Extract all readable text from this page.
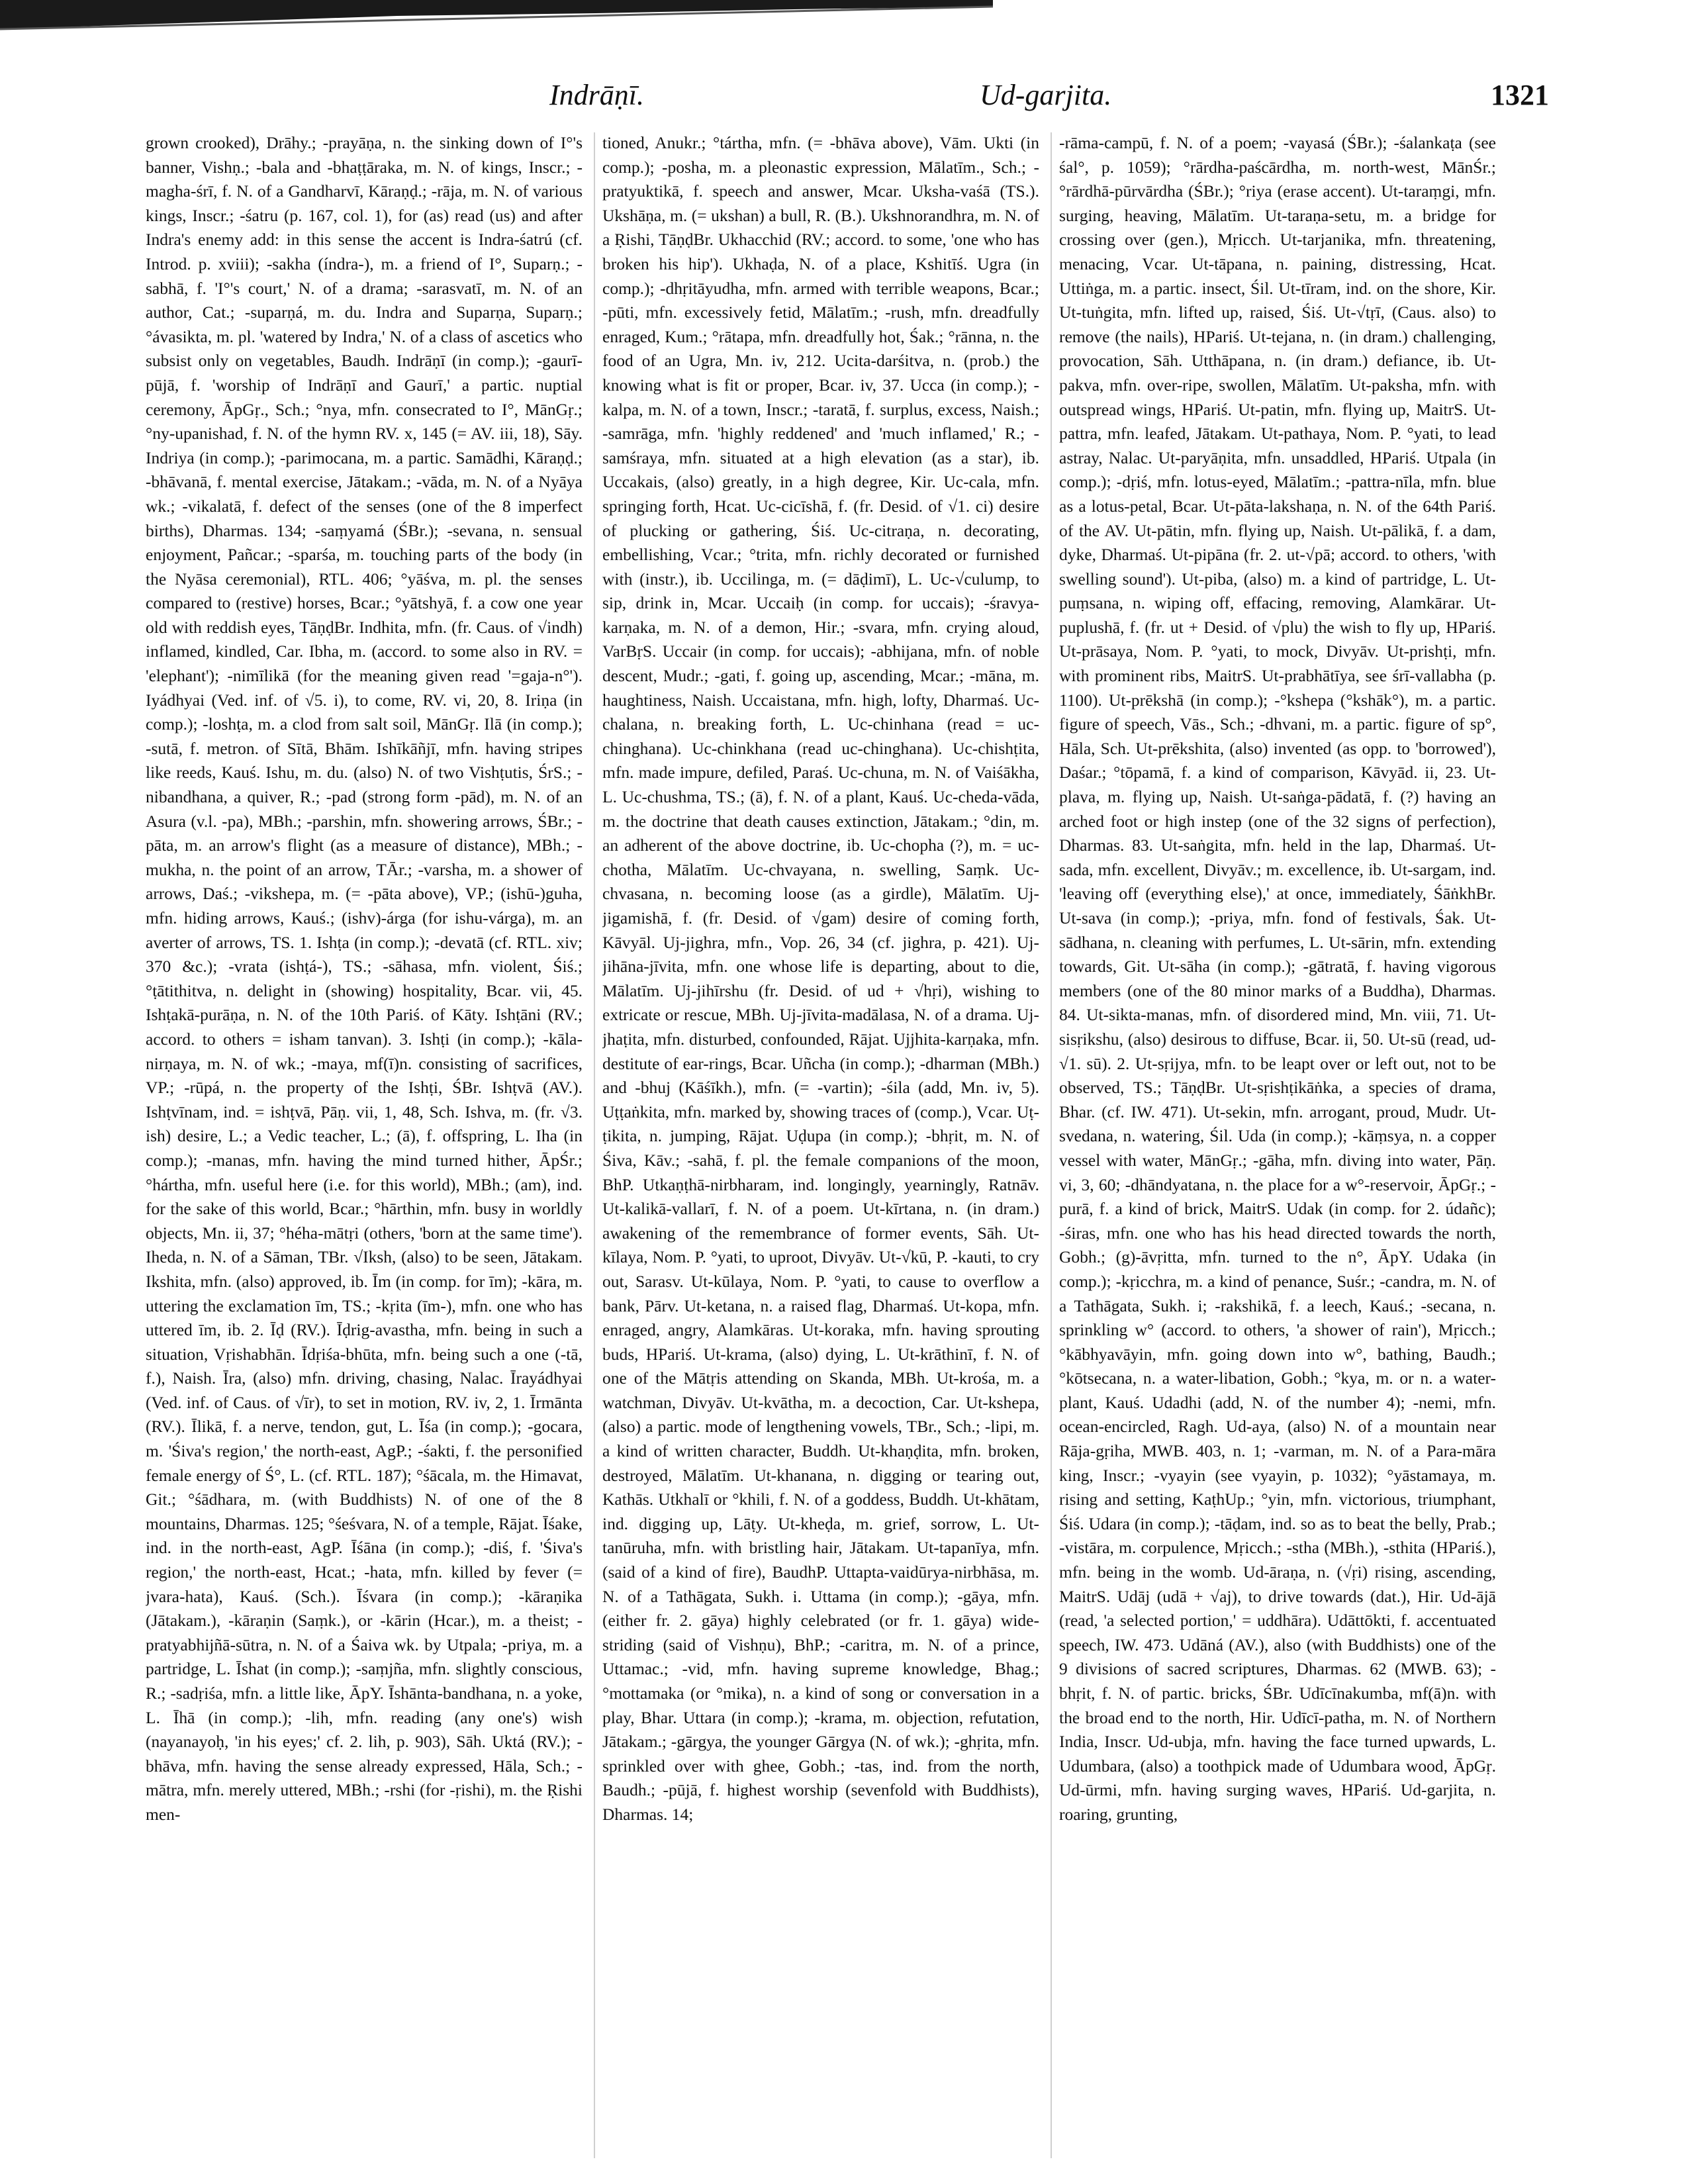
Indrāṇī.	Ud-garjita.	1321

grown crooked), Drāhy.; -prayāṇa, n. the sinking down of I°'s banner, Vishṇ.; -bala and -bhaṭṭāraka, m. N. of kings, Inscr.; -magha-śrī, f. N. of a Gandharvī, Kāraṇḍ.; -rāja, m. N. of various kings, Inscr.; -śatru (p. 167, col. 1), for (as) read (us) and after Indra's enemy add: in this sense the accent is Indra-śatrú (cf. Introd. p. xviii); -sakha (índra-), m. a friend of I°, Suparṇ.; -sabhā, f. 'I°'s court,' N. of a drama; -sarasvatī, m. N. of an author, Cat.; -suparṇá, m. du. Indra and Suparṇa, Suparṇ.; °ávasikta, m. pl. 'watered by Indra,' N. of a class of ascetics who subsist only on vegetables, Baudh. Indrāṇī (in comp.); -gaurī-pūjā, f. 'worship of Indrāṇī and Gaurī,' a partic. nuptial ceremony, ĀpGṛ., Sch.; °nya, mfn. consecrated to I°, MānGṛ.; °ny-upanishad, f. N. of the hymn RV. x, 145 (= AV. iii, 18), Sāy. Indriya (in comp.); -parimocana, m. a partic. Samādhi, Kāraṇḍ.; -bhāvanā, f. mental exercise, Jātakam.; -vāda, m. N. of a Nyāya wk.; -vikalatā, f. defect of the senses (one of the 8 imperfect births), Dharmas. 134; -saṃyamá (ŚBr.); -sevana, n. sensual enjoyment, Pañcar.; -sparśa, m. touching parts of the body (in the Nyāsa ceremonial), RTL. 406; °yāśva, m. pl. the senses compared to (restive) horses, Bcar.; °yātshyā, f. a cow one year old with reddish eyes, TāṇḍBr. Indhita, mfn. (fr. Caus. of √indh) inflamed, kindled, Car. Ibha, m. (accord. to some also in RV. = 'elephant'); -nimīlikā (for the meaning given read '=gaja-n°'). Iyádhyai (Ved. inf. of √5. i), to come, RV. vi, 20, 8. Iriṇa (in comp.); -loshṭa, m. a clod from salt soil, MānGṛ. Ilā (in comp.); -sutā, f. metron. of Sītā, Bhām. Ishīkāñjī, mfn. having stripes like reeds, Kauś. Ishu, m. du. (also) N. of two Vishṭutis, ŚrS.; -nibandhana, a quiver, R.; -pad (strong form -pād), m. N. of an Asura (v.l. -pa), MBh.; -parshin, mfn. showering arrows, ŚBr.; -pāta, m. an arrow's flight (as a measure of distance), MBh.; -mukha, n. the point of an arrow, TĀr.; -varsha, m. a shower of arrows, Daś.; -vikshepa, m. (= -pāta above), VP.; (ishū-)guha, mfn. hiding arrows, Kauś.; (ishv)-árga (for ishu-várga), m. an averter of arrows, TS. 1. Ishṭa (in comp.); -devatā (cf. RTL. xiv; 370 &c.); -vrata (ishṭá-), TS.; -sāhasa, mfn. violent, Śiś.; °ṭātithitva, n. delight in (showing) hospitality, Bcar. vii, 45. Ishṭakā-purāṇa, n. N. of the 10th Pariś. of Kāty. Ishṭāni (RV.; accord. to others = isham tanvan). 3. Ishṭi (in comp.); -kāla-nirṇaya, m. N. of wk.; -maya, mf(ī)n. consisting of sacrifices, VP.; -rūpá, n. the property of the Ishṭi, ŚBr. Ishṭvā (AV.). Ishṭvīnam, ind. = ishṭvā, Pāṇ. vii, 1, 48, Sch. Ishva, m. (fr. √3. ish) desire, L.; a Vedic teacher, L.; (ā), f. offspring, L. Iha (in comp.); -manas, mfn. having the mind turned hither, ĀpŚr.; °hártha, mfn. useful here (i.e. for this world), MBh.; (am), ind. for the sake of this world, Bcar.; °hārthin, mfn. busy in worldly objects, Mn. ii, 37; °héha-mātṛi (others, 'born at the same time'). Iheda, n. N. of a Sāman, TBr. √Iksh, (also) to be seen, Jātakam. Ikshita, mfn. (also) approved, ib. Īm (in comp. for īm); -kāra, m. uttering the exclamation īm, TS.; -kṛita (īm-), mfn. one who has uttered īm, ib. 2. Īḍ (RV.). Īḍrig-avastha, mfn. being in such a situation, Vṛishabhān. Īdṛiśa-bhūta, mfn. being such a one (-tā, f.), Naish. Īra, (also) mfn. driving, chasing, Nalac. Īrayádhyai (Ved. inf. of Caus. of √īr), to set in motion, RV. iv, 2, 1. Īrmānta (RV.). Īlikā, f. a nerve, tendon, gut, L. Īśa (in comp.); -gocara, m. 'Śiva's region,' the north-east, AgP.; -śakti, f. the personified female energy of Ś°, L. (cf. RTL. 187); °śācala, m. the Himavat, Git.; °śādhara, m. (with Buddhists) N. of one of the 8 mountains, Dharmas. 125; °śeśvara, N. of a temple, Rājat. Īśake, ind. in the north-east, AgP. Īśāna (in comp.); -diś, f. 'Śiva's region,' the north-east, Hcat.; -hata, mfn. killed by fever (= jvara-hata), Kauś. (Sch.). Īśvara (in comp.); -kāraṇika (Jātakam.), -kāraṇin (Saṃk.), or -kārin (Hcar.), m. a theist; -pratyabhijñā-sūtra, n. N. of a Śaiva wk. by Utpala; -priya, m. a partridge, L. Īshat (in comp.); -saṃjña, mfn. slightly conscious, R.; -sadṛiśa, mfn. a little like, ĀpY. Īshānta-bandhana, n. a yoke, L. Īhā (in comp.); -lih, mfn. reading (any one's) wish (nayanayoḥ, 'in his eyes;' cf. 2. lih, p. 903), Sāh. Uktá (RV.); -bhāva, mfn. having the sense already expressed, Hāla, Sch.; -mātra, mfn. merely uttered, MBh.; -rshi (for -ṛishi), m. the Ṛishi men-

tioned, Anukr.; °tártha, mfn. (= -bhāva above), Vām. Ukti (in comp.); -posha, m. a pleonastic expression, Mālatīm., Sch.; -pratyuktikā, f. speech and answer, Mcar. Uksha-vaśā (TS.). Ukshāṇa, m. (= ukshan) a bull, R. (B.). Ukshnorandhra, m. N. of a Ṛishi, TāṇḍBr. Ukhacchid (RV.; accord. to some, 'one who has broken his hip'). Ukhaḍa, N. of a place, Kshitīś. Ugra (in comp.); -dhṛitāyudha, mfn. armed with terrible weapons, Bcar.; -pūti, mfn. excessively fetid, Mālatīm.; -rush, mfn. dreadfully enraged, Kum.; °rātapa, mfn. dreadfully hot, Śak.; °rānna, n. the food of an Ugra, Mn. iv, 212. Ucita-darśitva, n. (prob.) the knowing what is fit or proper, Bcar. iv, 37. Ucca (in comp.); -kalpa, m. N. of a town, Inscr.; -taratā, f. surplus, excess, Naish.; -samrāga, mfn. 'highly reddened' and 'much inflamed,' R.; -samśraya, mfn. situated at a high elevation (as a star), ib. Uccakais, (also) greatly, in a high degree, Kir. Uc-cala, mfn. springing forth, Hcat. Uc-cicīshā, f. (fr. Desid. of √1. ci) desire of plucking or gathering, Śiś. Uc-citraṇa, n. decorating, embellishing, Vcar.; °trita, mfn. richly decorated or furnished with (instr.), ib. Uccilinga, m. (= dāḍimī), L. Uc-√culump, to sip, drink in, Mcar. Uccaiḥ (in comp. for uccais); -śravya-karṇaka, m. N. of a demon, Hir.; -svara, mfn. crying aloud, VarBṛS. Uccair (in comp. for uccais); -abhijana, mfn. of noble descent, Mudr.; -gati, f. going up, ascending, Mcar.; -māna, m. haughtiness, Naish. Uccaistana, mfn. high, lofty, Dharmaś. Uc-chalana, n. breaking forth, L. Uc-chinhana (read = uc-chinghana). Uc-chinkhana (read uc-chinghana). Uc-chishṭita, mfn. made impure, defiled, Paraś. Uc-chuna, m. N. of Vaiśākha, L. Uc-chushma, TS.; (ā), f. N. of a plant, Kauś. Uc-cheda-vāda, m. the doctrine that death causes extinction, Jātakam.; °din, m. an adherent of the above doctrine, ib. Uc-chopha (?), m. = uc-chotha, Mālatīm. Uc-chvayana, n. swelling, Saṃk. Uc-chvasana, n. becoming loose (as a girdle), Mālatīm. Uj-jigamishā, f. (fr. Desid. of √gam) desire of coming forth, Kāvyāl. Uj-jighra, mfn., Vop. 26, 34 (cf. jighra, p. 421). Uj-jihāna-jīvita, mfn. one whose life is departing, about to die, Mālatīm. Uj-jihīrshu (fr. Desid. of ud + √hṛi), wishing to extricate or rescue, MBh. Uj-jīvita-madālasa, N. of a drama. Uj-jhaṭita, mfn. disturbed, confounded, Rājat. Ujjhita-karṇaka, mfn. destitute of ear-rings, Bcar. Uñcha (in comp.); -dharman (MBh.) and -bhuj (Kāśīkh.), mfn. (= -vartin); -śila (add, Mn. iv, 5). Uṭṭaṅkita, mfn. marked by, showing traces of (comp.), Vcar. Uṭ-ṭikita, n. jumping, Rājat. Uḍupa (in comp.); -bhṛit, m. N. of Śiva, Kāv.; -sahā, f. pl. the female companions of the moon, BhP. Utkaṇṭhā-nirbharam, ind. longingly, yearningly, Ratnāv. Ut-kalikā-vallarī, f. N. of a poem. Ut-kīrtana, n. (in dram.) awakening of the remembrance of former events, Sāh. Ut-kīlaya, Nom. P. °yati, to uproot, Divyāv. Ut-√kū, P. -kauti, to cry out, Sarasv. Ut-kūlaya, Nom. P. °yati, to cause to overflow a bank, Pārv. Ut-ketana, n. a raised flag, Dharmaś. Ut-kopa, mfn. enraged, angry, Alamkāras. Ut-koraka, mfn. having sprouting buds, HPariś. Ut-krama, (also) dying, L. Ut-krāthinī, f. N. of one of the Mātṛis attending on Skanda, MBh. Ut-krośa, m. a watchman, Divyāv. Ut-kvātha, m. a decoction, Car. Ut-kshepa, (also) a partic. mode of lengthening vowels, TBr., Sch.; -lipi, m. a kind of written character, Buddh. Ut-khaṇḍita, mfn. broken, destroyed, Mālatīm. Ut-khanana, n. digging or tearing out, Kathās. Utkhalī or °khili, f. N. of a goddess, Buddh. Ut-khātam, ind. digging up, Lāṭy. Ut-kheḍa, m. grief, sorrow, L. Ut-tanūruha, mfn. with bristling hair, Jātakam. Ut-tapanīya, mfn. (said of a kind of fire), BaudhP. Uttapta-vaidūrya-nirbhāsa, m. N. of a Tathāgata, Sukh. i. Uttama (in comp.); -gāya, mfn. (either fr. 2. gāya) highly celebrated (or fr. 1. gāya) wide-striding (said of Vishṇu), BhP.; -caritra, m. N. of a prince, Uttamac.; -vid, mfn. having supreme knowledge, Bhag.; °mottamaka (or °mika), n. a kind of song or conversation in a play, Bhar. Uttara (in comp.); -krama, m. objection, refutation, Jātakam.; -gārgya, the younger Gārgya (N. of wk.); -ghṛita, mfn. sprinkled over with ghee, Gobh.; -tas, ind. from the north, Baudh.; -pūjā, f. highest worship (sevenfold with Buddhists), Dharmas. 14;

-rāma-campū, f. N. of a poem; -vayasá (ŚBr.); -śalankaṭa (see śal°, p. 1059); °rārdha-paścārdha, m. north-west, MānŚr.; °rārdhā-pūrvārdha (ŚBr.); °riya (erase accent). Ut-taraṃgi, mfn. surging, heaving, Mālatīm. Ut-taraṇa-setu, m. a bridge for crossing over (gen.), Mṛicch. Ut-tarjanika, mfn. threatening, menacing, Vcar. Ut-tāpana, n. paining, distressing, Hcat. Uttiṅga, m. a partic. insect, Śil. Ut-tīram, ind. on the shore, Kir. Ut-tuṅgita, mfn. lifted up, raised, Śiś. Ut-√tṛī, (Caus. also) to remove (the nails), HPariś. Ut-tejana, n. (in dram.) challenging, provocation, Sāh. Utthāpana, n. (in dram.) defiance, ib. Ut-pakva, mfn. over-ripe, swollen, Mālatīm. Ut-paksha, mfn. with outspread wings, HPariś. Ut-patin, mfn. flying up, MaitrS. Ut-pattra, mfn. leafed, Jātakam. Ut-pathaya, Nom. P. °yati, to lead astray, Nalac. Ut-paryāṇita, mfn. unsaddled, HPariś. Utpala (in comp.); -dṛiś, mfn. lotus-eyed, Mālatīm.; -pattra-nīla, mfn. blue as a lotus-petal, Bcar. Ut-pāta-lakshaṇa, n. N. of the 64th Pariś. of the AV. Ut-pātin, mfn. flying up, Naish. Ut-pālikā, f. a dam, dyke, Dharmaś. Ut-pipāna (fr. 2. ut-√pā; accord. to others, 'with swelling sound'). Ut-piba, (also) m. a kind of partridge, L. Ut-puṃsana, n. wiping off, effacing, removing, Alamkārar. Ut-puplushā, f. (fr. ut + Desid. of √plu) the wish to fly up, HPariś. Ut-prāsaya, Nom. P. °yati, to mock, Divyāv. Ut-prishṭi, mfn. with prominent ribs, MaitrS. Ut-prabhātīya, see śrī-vallabha (p. 1100). Ut-prēkshā (in comp.); -°kshepa (°kshāk°), m. a partic. figure of speech, Vās., Sch.; -dhvani, m. a partic. figure of sp°, Hāla, Sch. Ut-prēkshita, (also) invented (as opp. to 'borrowed'), Daśar.; °tōpamā, f. a kind of comparison, Kāvyād. ii, 23. Ut-plava, m. flying up, Naish. Ut-saṅga-pādatā, f. (?) having an arched foot or high instep (one of the 32 signs of perfection), Dharmas. 83. Ut-saṅgita, mfn. held in the lap, Dharmaś. Ut-sada, mfn. excellent, Divyāv.; m. excellence, ib. Ut-sargam, ind. 'leaving off (everything else),' at once, immediately, ŚāṅkhBr. Ut-sava (in comp.); -priya, mfn. fond of festivals, Śak. Ut-sādhana, n. cleaning with perfumes, L. Ut-sārin, mfn. extending towards, Git. Ut-sāha (in comp.); -gātratā, f. having vigorous members (one of the 80 minor marks of a Buddha), Dharmas. 84. Ut-sikta-manas, mfn. of disordered mind, Mn. viii, 71. Ut-sisṛikshu, (also) desirous to diffuse, Bcar. ii, 50. Ut-sū (read, ud-√1. sū). 2. Ut-sṛijya, mfn. to be leapt over or left out, not to be observed, TS.; TāṇḍBr. Ut-sṛishṭikāṅka, a species of drama, Bhar. (cf. IW. 471). Ut-sekin, mfn. arrogant, proud, Mudr. Ut-svedana, n. watering, Śil. Uda (in comp.); -kāṃsya, n. a copper vessel with water, MānGṛ.; -gāha, mfn. diving into water, Pāṇ. vi, 3, 60; -dhāndyatana, n. the place for a w°-reservoir, ĀpGṛ.; -purā, f. a kind of brick, MaitrS. Udak (in comp. for 2. údañc); -śiras, mfn. one who has his head directed towards the north, Gobh.; (g)-āvṛitta, mfn. turned to the n°, ĀpY. Udaka (in comp.); -kṛicchra, m. a kind of penance, Suśr.; -candra, m. N. of a Tathāgata, Sukh. i; -rakshikā, f. a leech, Kauś.; -secana, n. sprinkling w° (accord. to others, 'a shower of rain'), Mṛicch.; °kābhyavāyin, mfn. going down into w°, bathing, Baudh.; °kōtsecana, n. a water-libation, Gobh.; °kya, m. or n. a water-plant, Kauś. Udadhi (add, N. of the number 4); -nemi, mfn. ocean-encircled, Ragh. Ud-aya, (also) N. of a mountain near Rāja-gṛiha, MWB. 403, n. 1; -varman, m. N. of a Para-māra king, Inscr.; -vyayin (see vyayin, p. 1032); °yāstamaya, m. rising and setting, KaṭhUp.; °yin, mfn. victorious, triumphant, Śiś. Udara (in comp.); -tāḍam, ind. so as to beat the belly, Prab.; -vistāra, m. corpulence, Mṛicch.; -stha (MBh.), -sthita (HPariś.), mfn. being in the womb. Ud-āraṇa, n. (√ṛi) rising, ascending, MaitrS. Udāj (udā + √aj), to drive towards (dat.), Hir. Ud-ājā (read, 'a selected portion,' = uddhāra). Udāttōkti, f. accentuated speech, IW. 473. Udāná (AV.), also (with Buddhists) one of the 9 divisions of sacred scriptures, Dharmas. 62 (MWB. 63); -bhṛit, f. N. of partic. bricks, ŚBr. Udīcīnakumba, mf(ā)n. with the broad end to the north, Hir. Udīcī-patha, m. N. of Northern India, Inscr. Ud-ubja, mfn. having the face turned upwards, L. Udumbara, (also) a toothpick made of Udumbara wood, ĀpGṛ. Ud-ūrmi, mfn. having surging waves, HPariś. Ud-garjita, n. roaring, grunting,
